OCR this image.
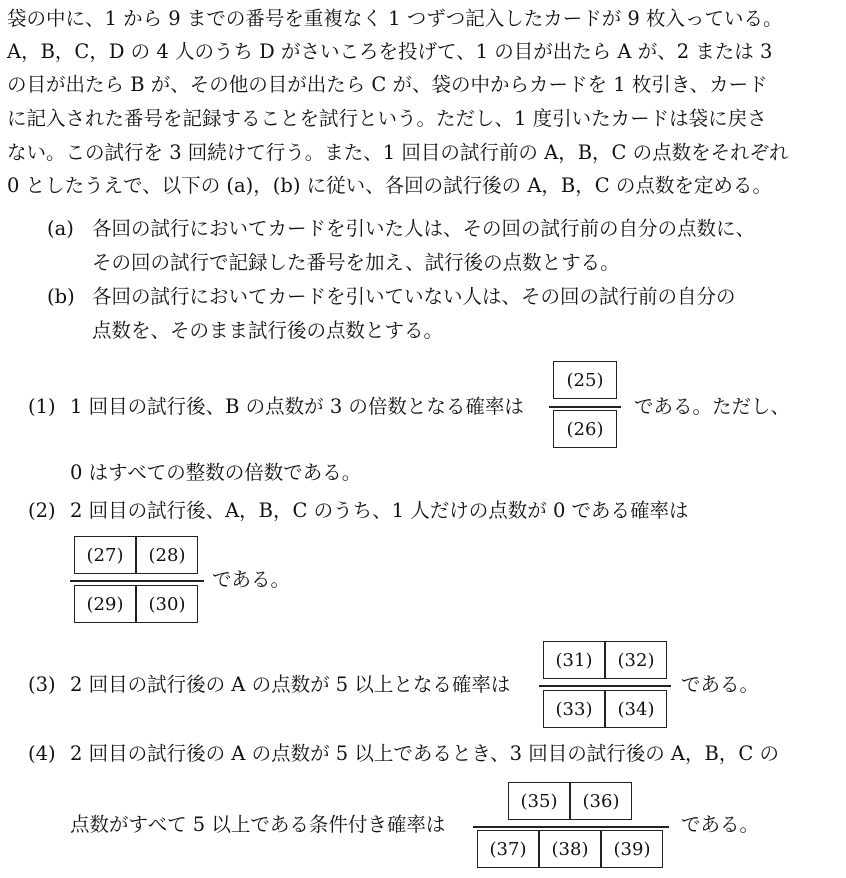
袋の中に、1 から 9 までの番号を重複なく 1 つずつ記入したカードが 9 枚入っている。
A，B，C，D の 4 人のうち D がさいころを投げて、1 の目が出たら A が、2 または 3
の目が出たら B が、その他の目が出たら C が、袋の中からカードを 1 枚引き、カード
に記入された番号を記録することを試行という。ただし、1 度引いたカードは袋に戻さ
ない。この試行を 3 回続けて行う。また、1 回目の試行前の A，B，C の点数をそれぞれ
0 としたうえで、以下の (a)，(b) に従い、各回の試行後の A，B，C の点数を定める。
(a) 各回の試行においてカードを引いた人は、その回の試行前の自分の点数に、
その回の試行で記録した番号を加え、試行後の点数とする。
(b) 各回の試行においてカードを引いていない人は、その回の試行前の自分の
点数を、そのまま試行後の点数とする。
(1) 1 回目の試行後、B の点数が 3 の倍数となる確率は
(25)
(26)
である。ただし、
0 はすべての整数の倍数である。
(2) 2 回目の試行後、A，B，C のうち、1 人だけの点数が 0 である確率は
(27)	(28)
(29)	(30)
である。
(3) 2 回目の試行後の A の点数が 5 以上となる確率は
(31)	(32)
(33)	(34)
である。
(4) 2 回目の試行後の A の点数が 5 以上であるとき、3 回目の試行後の A，B，C の
点数がすべて 5 以上である条件付き確率は
(35)	(36)
(37)	(38)	(39)
である。
